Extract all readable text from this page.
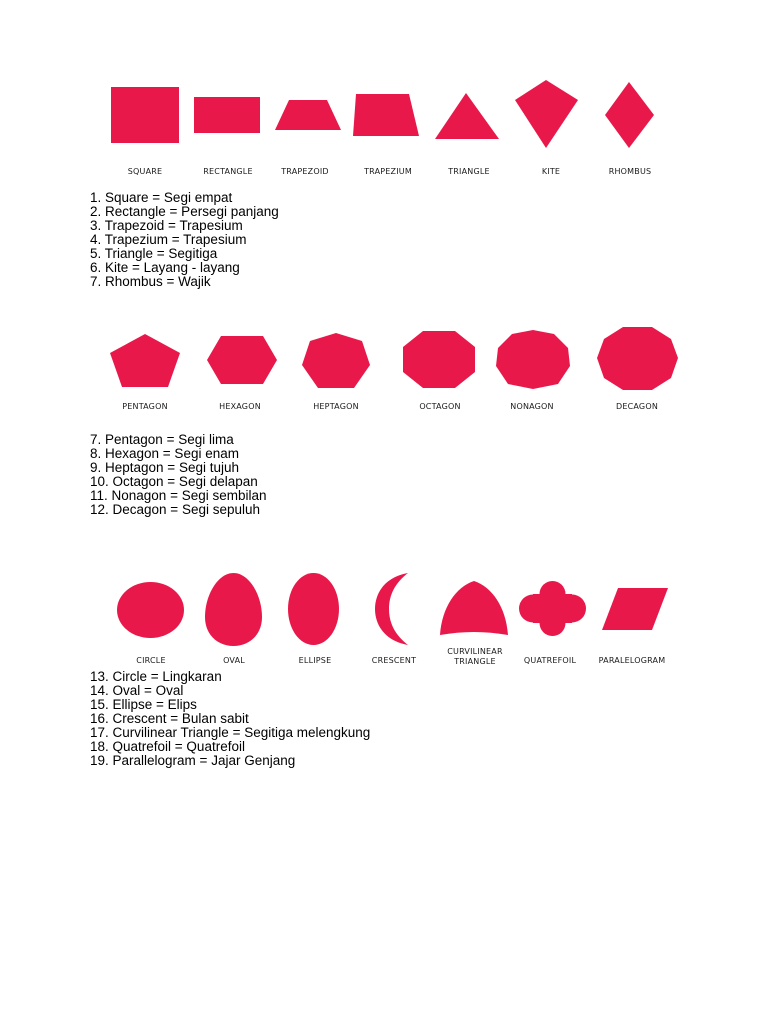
SQUARE	RECTANGLE	TRAPEZOID	TRAPEZIUM	TRIANGLE	KITE	RHOMBUS
1. Square = Segi empat
2. Rectangle = Persegi panjang
3. Trapezoid = Trapesium
4. Trapezium = Trapesium
5. Triangle = Segitiga
6. Kite = Layang - layang
7. Rhombus = Wajik
PENTAGON	HEXAGON	HEPTAGON	OCTAGON	NONAGON	DECAGON
7. Pentagon = Segi lima
8. Hexagon = Segi enam
9. Heptagon = Segi tujuh
10. Octagon = Segi delapan
11. Nonagon = Segi sembilan
12. Decagon = Segi sepuluh
CIRCLE	OVAL	ELLIPSE	CRESCENT
CURVILINEAR
TRIANGLE	QUATREFOIL	PARALELOGRAM
13. Circle = Lingkaran
14. Oval = Oval
15. Ellipse = Elips
16. Crescent = Bulan sabit
17. Curvilinear Triangle = Segitiga melengkung
18. Quatrefoil = Quatrefoil
19. Parallelogram = Jajar Genjang
